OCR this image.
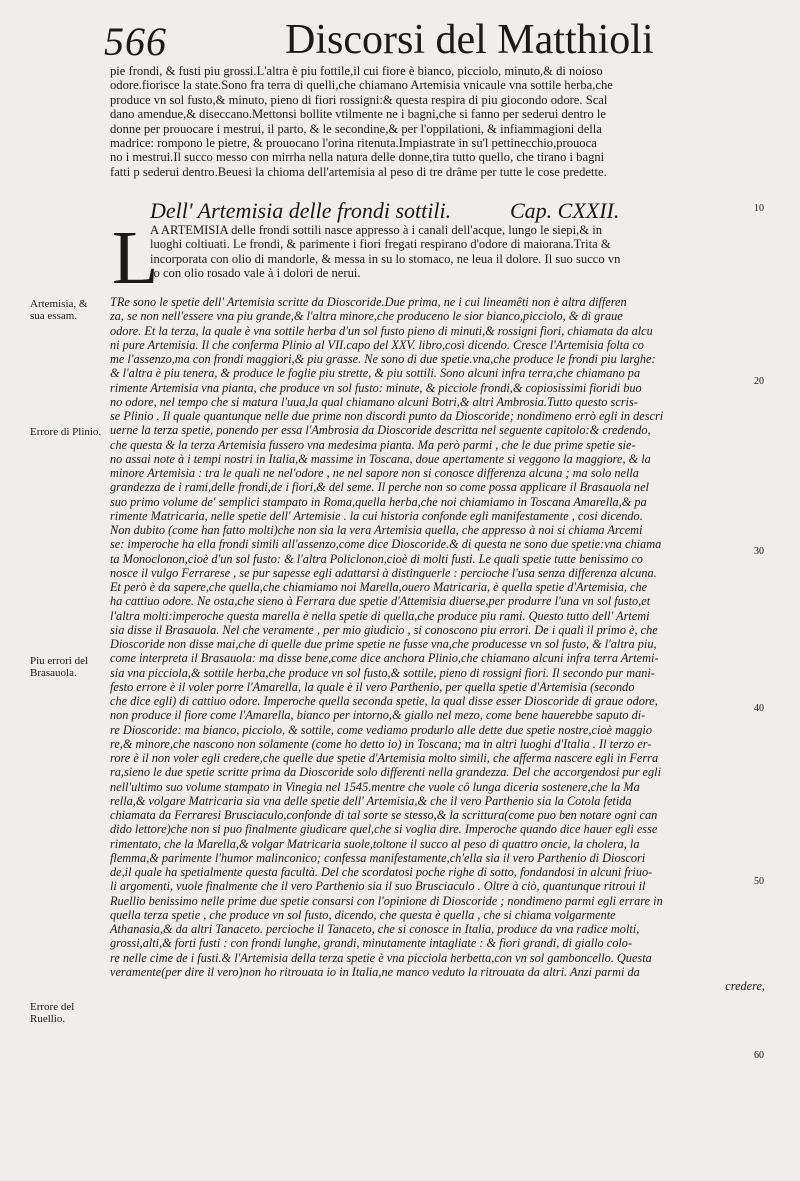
566	Discorsi del Matthioli

pie frondi, & fusti piu grossi.L'altra è piu fottile,il cui fiore è bianco, picciolo, minuto,& di noioso

odore.fiorisce la state.Sono fra terra di quelli,che chiamano Artemisia vnicaule vna sottile herba,che

produce vn sol fusto,& minuto, pieno di fiori rossigni:& questa respira di piu giocondo odore. Scal

dano amendue,& diseccano.Mettonsi bollite vtilmente ne i bagni,che si fanno per sederui dentro le

donne per prouocare i mestrui, il parto, & le secondine,& per l'oppilationi, & infiammagioni della

madrice: rompono le pietre, & prouocano l'orina ritenuta.Impiastrate in su'l pettinecchio,prouoca

no i mestrui.Il succo messo con mirrha nella natura delle donne,tira tutto quello, che tirano i bagni

fatti p sederui dentro.Beuesi la chioma dell'artemisia al peso di tre drâme per tutte le cose predette.

Dell' Artemisia delle frondi sottili.	Cap. CXXII.
L

A ARTEMISIA delle frondi sottili nasce appresso à i canali dell'acque, lungo le siepi,& in

luoghi coltiuati. Le frondi, & parimente i fiori fregati respirano d'odore di maiorana.Trita &

incorporata con olio di mandorle, & messa in su lo stomaco, ne leua il dolore. Il suo succo vn

to con olio rosado vale à i dolori de nerui.

TRe sono le spetie dell' Artemisia scritte da Dioscoride.Due prima, ne i cui lineamêti non è altra differen

za, se non nell'essere vna piu grande,& l'altra minore,che produceno le sior bianco,picciolo, & di graue

odore. Et la terza, la quale è vna sottile herba d'un sol fusto pieno di minuti,& rossigni fiori, chiamata da alcu

ni pure Artemisia. Il che conferma Plinio al VII.capo del XXV. libro,così dicendo. Cresce l'Artemisia folta co

me l'assenzo,ma con frondi maggiori,& piu grasse. Ne sono di due spetie.vna,che produce le frondi piu larghe:

& l'altra è piu tenera, & produce le foglie piu strette, & piu sottili. Sono alcuni infra terra,che chiamano pa

rimente Artemisia vna pianta, che produce vn sol fusto: minute, & picciole frondi,& copiosissimi fioridi buo

no odore, nel tempo che si matura l'uua,la qual chiamano alcuni Botri,& altri Ambrosia.Tutto questo scris-

se Plinio . Il quale quantunque nelle due prime non discordi punto da Dioscoride; nondimeno errò egli in descri

uerne la terza spetie, ponendo per essa l'Ambrosia da Dioscoride descritta nel seguente capitolo:& credendo,

che questa & la terza Artemisia fussero vna medesima pianta. Ma però parmi , che le due prime spetie sie-

no assai note à i tempi nostri in Italia,& massime in Toscana, doue apertamente si veggono la maggiore, & la

minore Artemisia : tra le quali ne nel'odore , ne nel sapore non si conosce differenza alcuna ; ma solo nella

grandezza de i rami,delle frondi,de i fiori,& del seme. Il perche non so come possa applicare il Brasauola nel

suo primo volume de' semplici stampato in Roma,quella herba,che noi chiamiamo in Toscana Amarella,& pa

rimente Matricaria, nelle spetie dell' Artemisie . la cui historia confonde egli manifestamente , cosi dicendo.

Non dubito (come han fatto molti)che non sia la vera Artemisia quella, che appresso à noi si chiama Arcemi

se: imperoche ha ella frondi simili all'assenzo,come dice Dioscoride.& di questa ne sono due spetie:vna chiama

ta Monoclonon,cioè d'un sol fusto: & l'altra Policlonon,cioè di molti fusti. Le quali spetie tutte benissimo co

nosce il vulgo Ferrarese , se pur sapesse egli adattarsi à distinguerle : percioche l'usa senza differenza alcuna.

Et però è da sapere,che quella,che chiamiamo noi Marella,ouero Matricaria, è quella spetie d'Artemisia, che

ha cattiuo odore. Ne osta,che sieno à Ferrara due spetie d'Attemisia diuerse,per produrre l'una vn sol fusto,et

l'altra molti:imperoche questa marella è nella spetie di quella,che produce piu rami. Questo tutto dell' Artemi

sia disse il Brasauola. Nel che veramente , per mio giudicio , si conoscono piu errori. De i quali il primo è, che

Dioscoride non disse mai,che di quelle due prime spetie ne fusse vna,che producesse vn sol fusto, & l'altra piu,

come interpreta il Brasauola: ma disse bene,come dice anchora Plinio,che chiamano alcuni infra terra Artemi-

sia vna picciola,& sottile herba,che produce vn sol fusto,& sottile, pieno di rossigni fiori. Il secondo pur mani-

festo errore è il voler porre l'Amarella, la quale è il vero Parthenio, per quella spetie d'Artemisia (secondo

che dice egli) di cattiuo odore. Imperoche quella seconda spetie, la qual disse esser Dioscoride di graue odore,

non produce il fiore come l'Amarella, bianco per intorno,& giallo nel mezo, come bene hauerebbe saputo di-

re Dioscoride: ma bianco, picciolo, & sottile, come vediamo produrlo alle dette due spetie nostre,cioè maggio

re,& minore,che nascono non solamente (come ho detto io) in Toscana; ma in altri luoghi d'Italia . Il terzo er-

rore è il non voler egli credere,che quelle due spetie d'Artemisia molto simili, che afferma nascere egli in Ferra

ra,sieno le due spetie scritte prima da Dioscoride solo differenti nella grandezza. Del che accorgendosi pur egli

nell'ultimo suo volume stampato in Vinegia nel 1545.mentre che vuole cô lunga diceria sostenere,che la Ma

rella,& volgare Matricaria sia vna delle spetie dell' Artemisia,& che il vero Parthenio sia la Cotola fetida

chiamata da Ferraresi Brusciaculo,confonde di tal sorte se stesso,& la scrittura(come puo ben notare ogni can

dido lettore)che non si puo finalmente giudicare quel,che si voglia dire. Imperoche quando dice hauer egli esse

rimentato, che la Marella,& volgar Matricaria suole,toltone il succo al peso di quattro oncie, la cholera, la

flemma,& parimente l'humor malinconico; confessa manifestamente,ch'ella sia il vero Parthenio di Dioscori

de,il quale ha spetialmente questa facultà. Del che scordatosi poche righe di sotto, fondandosi in alcuni friuo-

li argomenti, vuole finalmente che il vero Parthenio sia il suo Brusciaculo . Oltre à ciò, quantunque ritroui il

Ruellio benissimo nelle prime due spetie consarsi con l'opinione di Dioscoride ; nondimeno parmi egli errare in

quella terza spetie , che produce vn sol fusto, dicendo, che questa è quella , che si chiama volgarmente

Athanasia,& da altri Tanaceto. percioche il Tanaceto, che si conosce in Italia, produce da vna radice molti,

grossi,alti,& forti fusti : con frondi lunghe, grandi, minutamente intagliate : & fiori grandi, di giallo colo-

re nelle cime de i fusti.& l'Artemisia della terza spetie è vna picciola herbetta,con vn sol gamboncello. Questa

veramente(per dire il vero)non ho ritrouata io in Italia,ne manco veduto la ritrouata da altri. Anzi parmi da

credere,

Artemisia, & sua essam.
Errore di Plinio.
Piu errori del Brasauola.
Errore del Ruellio.
10
20
30
40
50
60
